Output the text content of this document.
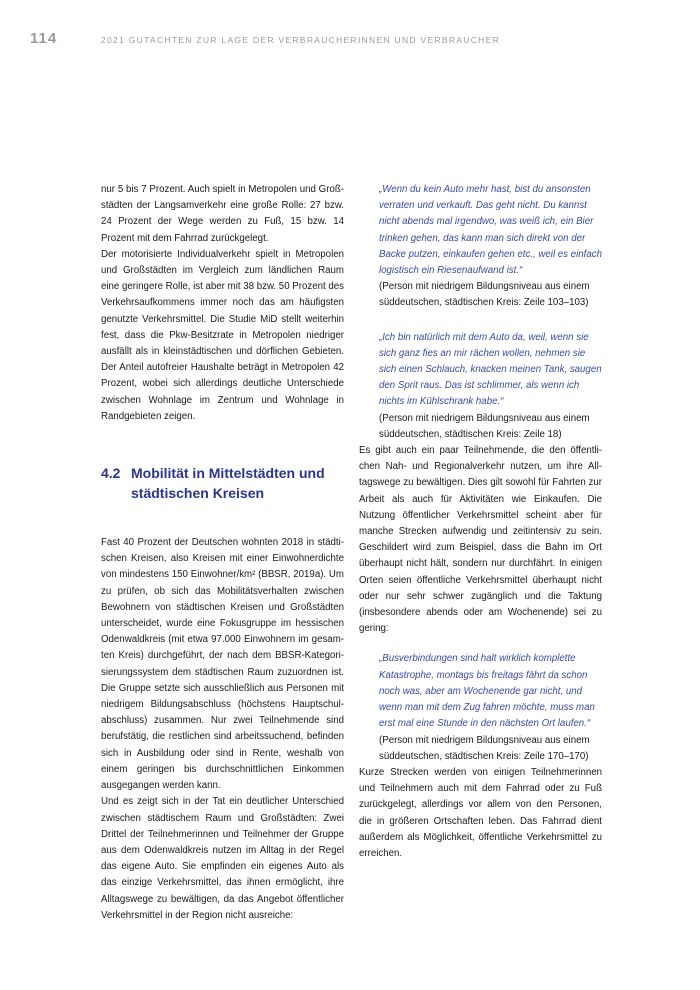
114	2021 GUTACHTEN ZUR LAGE DER VERBRAUCHERINNEN UND VERBRAUCHER

nur 5 bis 7 Prozent. Auch spielt in Metropolen und Großstädten der Langsamverkehr eine große Rolle: 27 bzw. 24 Prozent der Wege werden zu Fuß, 15 bzw. 14 Prozent mit dem Fahrrad zurückgelegt.

Der motorisierte Individualverkehr spielt in Metropolen und Großstädten im Vergleich zum ländlichen Raum eine geringere Rolle, ist aber mit 38 bzw. 50 Prozent des Verkehrsaufkommens immer noch das am häufigsten genutzte Verkehrsmittel. Die Studie MiD stellt weiterhin fest, dass die Pkw-Besitzrate in Metropolen niedriger ausfällt als in kleinstädtischen und dörflichen Gebieten. Der Anteil autofreier Haushalte beträgt in Metropolen 42 Prozent, wobei sich allerdings deutliche Unterschiede zwischen Wohnlage im Zentrum und Wohnlage in Randgebieten zeigen.

4.2 Mobilität in Mittelstädten und städtischen Kreisen

Fast 40 Prozent der Deutschen wohnten 2018 in städtischen Kreisen, also Kreisen mit einer Einwohnerdichte von mindestens 150 Einwohner/km² (BBSR, 2019a). Um zu prüfen, ob sich das Mobilitätsverhalten zwischen Bewohnern von städtischen Kreisen und Großstädten unterscheidet, wurde eine Fokusgruppe im hessischen Odenwaldkreis (mit etwa 97.000 Einwohnern im gesamten Kreis) durchgeführt, der nach dem BBSR-Kategorisierungssystem dem städtischen Raum zuzuordnen ist. Die Gruppe setzte sich ausschließlich aus Personen mit niedrigem Bildungsabschluss (höchstens Hauptschulabschluss) zusammen. Nur zwei Teilnehmende sind berufstätig, die restlichen sind arbeitssuchend, befinden sich in Ausbildung oder sind in Rente, weshalb von einem geringen bis durchschnittlichen Einkommen ausgegangen werden kann.

Und es zeigt sich in der Tat ein deutlicher Unterschied zwischen städtischem Raum und Großstädten: Zwei Drittel der Teilnehmerinnen und Teilnehmer der Gruppe aus dem Odenwaldkreis nutzen im Alltag in der Regel das eigene Auto. Sie empfinden ein eigenes Auto als das einzige Verkehrsmittel, das ihnen ermöglicht, ihre Alltagswege zu bewältigen, da das Angebot öffentlicher Verkehrsmittel in der Region nicht ausreiche:

„Wenn du kein Auto mehr hast, bist du ansonsten verraten und verkauft. Das geht nicht. Du kannst nicht abends mal irgendwo, was weiß ich, ein Bier trinken gehen, das kann man sich direkt von der Backe putzen, einkaufen gehen etc., weil es einfach logistisch ein Riesenaufwand ist.“

(Person mit niedrigem Bildungsniveau aus einem süddeutschen, städtischen Kreis: Zeile 103–103)

„Ich bin natürlich mit dem Auto da, weil, wenn sie sich ganz fies an mir rächen wollen, nehmen sie sich einen Schlauch, knacken meinen Tank, saugen den Sprit raus. Das ist schlimmer, als wenn ich nichts im Kühlschrank habe.“

(Person mit niedrigem Bildungsniveau aus einem süddeutschen, städtischen Kreis: Zeile 18)

Es gibt auch ein paar Teilnehmende, die den öffentlichen Nah- und Regionalverkehr nutzen, um ihre Alltagswege zu bewältigen. Dies gilt sowohl für Fahrten zur Arbeit als auch für Aktivitäten wie Einkaufen. Die Nutzung öffentlicher Verkehrsmittel scheint aber für manche Strecken aufwendig und zeitintensiv zu sein. Geschildert wird zum Beispiel, dass die Bahn im Ort überhaupt nicht hält, sondern nur durchfährt. In einigen Orten seien öffentliche Verkehrsmittel überhaupt nicht oder nur sehr schwer zugänglich und die Taktung (insbesondere abends oder am Wochenende) sei zu gering:

„Busverbindungen sind halt wirklich komplette Katastrophe, montags bis freitags fährt da schon noch was, aber am Wochenende gar nicht, und wenn man mit dem Zug fahren möchte, muss man erst mal eine Stunde in den nächsten Ort laufen.“

(Person mit niedrigem Bildungsniveau aus einem süddeutschen, städtischen Kreis: Zeile 170–170)

Kurze Strecken werden von einigen Teilnehmerinnen und Teilnehmern auch mit dem Fahrrad oder zu Fuß zurückgelegt, allerdings vor allem von den Personen, die in größeren Ortschaften leben. Das Fahrrad dient außerdem als Möglichkeit, öffentliche Verkehrsmittel zu erreichen.
